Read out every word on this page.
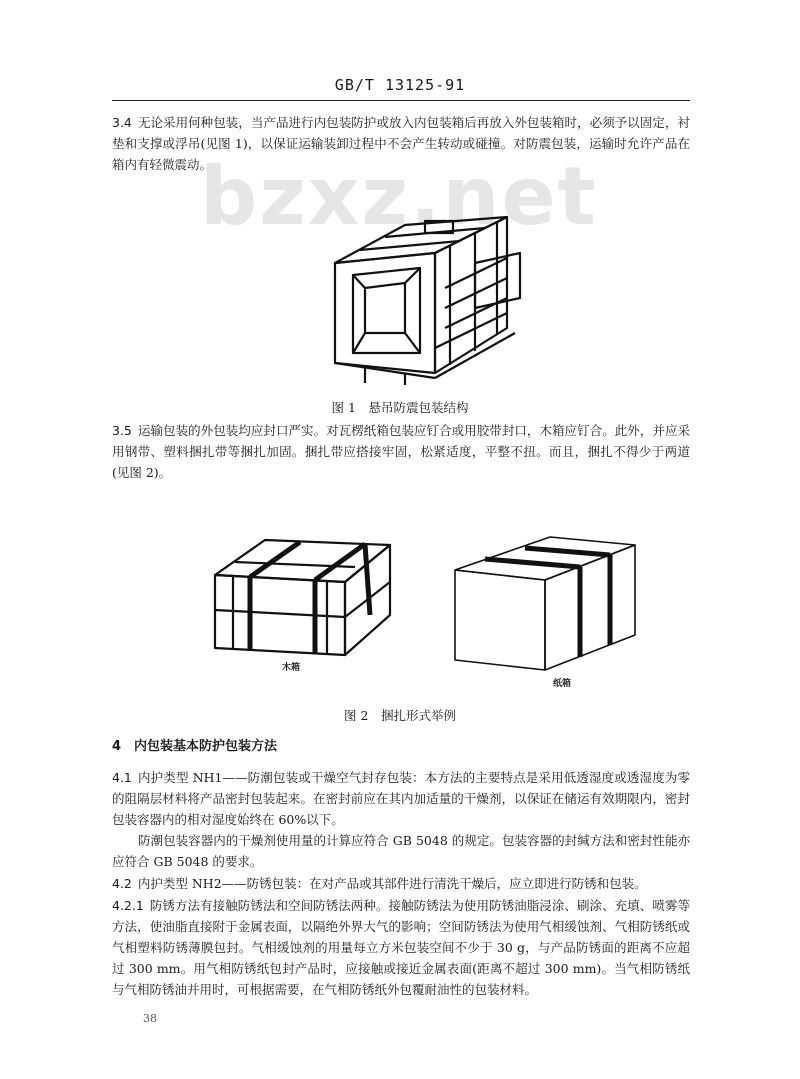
GB/T 13125-91
bzxz.net
3.4 无论采用何种包装，当产品进行内包装防护或放入内包装箱后再放入外包装箱时，必须予以固定，衬垫和支撑或浮吊(见图 1)，以保证运输装卸过程中不会产生转动或碰撞。对防震包装，运输时允许产品在箱内有轻微震动。
图 1　悬吊防震包装结构
3.5 运输包装的外包装均应封口严实。对瓦楞纸箱包装应钉合或用胶带封口，木箱应钉合。此外，并应采用钢带、塑料捆扎带等捆扎加固。捆扎带应搭接牢固，松紧适度，平整不扭。而且，捆扎不得少于两道(见图 2)。
木箱
纸箱
图 2　捆扎形式举例
4　内包装基本防护包装方法
4.1 内护类型 NH1——防潮包装或干燥空气封存包装：本方法的主要特点是采用低透湿度或透湿度为零的阻隔层材料将产品密封包装起来。在密封前应在其内加适量的干燥剂，以保证在储运有效期限内，密封包装容器内的相对湿度始终在 60%以下。
防潮包装容器内的干燥剂使用量的计算应符合 GB 5048 的规定。包装容器的封缄方法和密封性能亦应符合 GB 5048 的要求。
4.2 内护类型 NH2——防锈包装：在对产品或其部件进行清洗干燥后，应立即进行防锈和包装。
4.2.1 防锈方法有接触防锈法和空间防锈法两种。接触防锈法为使用防锈油脂浸涂、刷涂、充填、喷雾等方法，使油脂直接附于金属表面，以隔绝外界大气的影响；空间防锈法为使用气相缓蚀剂、气相防锈纸或气相塑料防锈薄膜包封。气相缓蚀剂的用量每立方米包装空间不少于 30 g，与产品防锈面的距离不应超过 300 mm。用气相防锈纸包封产品时，应接触或接近金属表面(距离不超过 300 mm)。当气相防锈纸与气相防锈油并用时，可根据需要，在气相防锈纸外包覆耐油性的包装材料。
38
